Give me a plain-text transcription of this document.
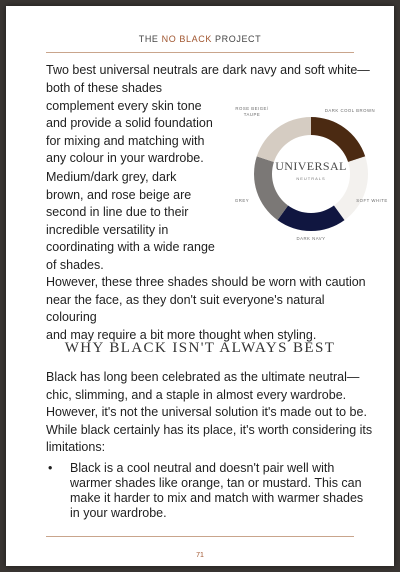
THE NO BLACK PROJECT
Two best universal neutrals are dark navy and soft white—
both of these shades
complement every skin tone
and provide a solid foundation
for mixing and matching with
any colour in your wardrobe.
Medium/dark grey, dark
brown, and rose beige are
second in line due to their
incredible versatility in
coordinating with a wide range
of shades.
UNIVERSAL
NEUTRALS
DARK COOL BROWN
SOFT WHITE
DARK NAVY
GREY
ROSE BEIGE/
TAUPE
However, these three shades should be worn with caution
near the face, as they don't suit everyone's natural colouring
and may require a bit more thought when styling.
WHY BLACK ISN'T ALWAYS BEST
Black has long been celebrated as the ultimate neutral—
chic, slimming, and a staple in almost every wardrobe.
However, it's not the universal solution it's made out to be.
While black certainly has its place, it's worth considering its
limitations:
• Black is a cool neutral and doesn't pair well with warmer shades like orange, tan or mustard. This can make it harder to mix and match with warmer shades in your wardrobe.
71
